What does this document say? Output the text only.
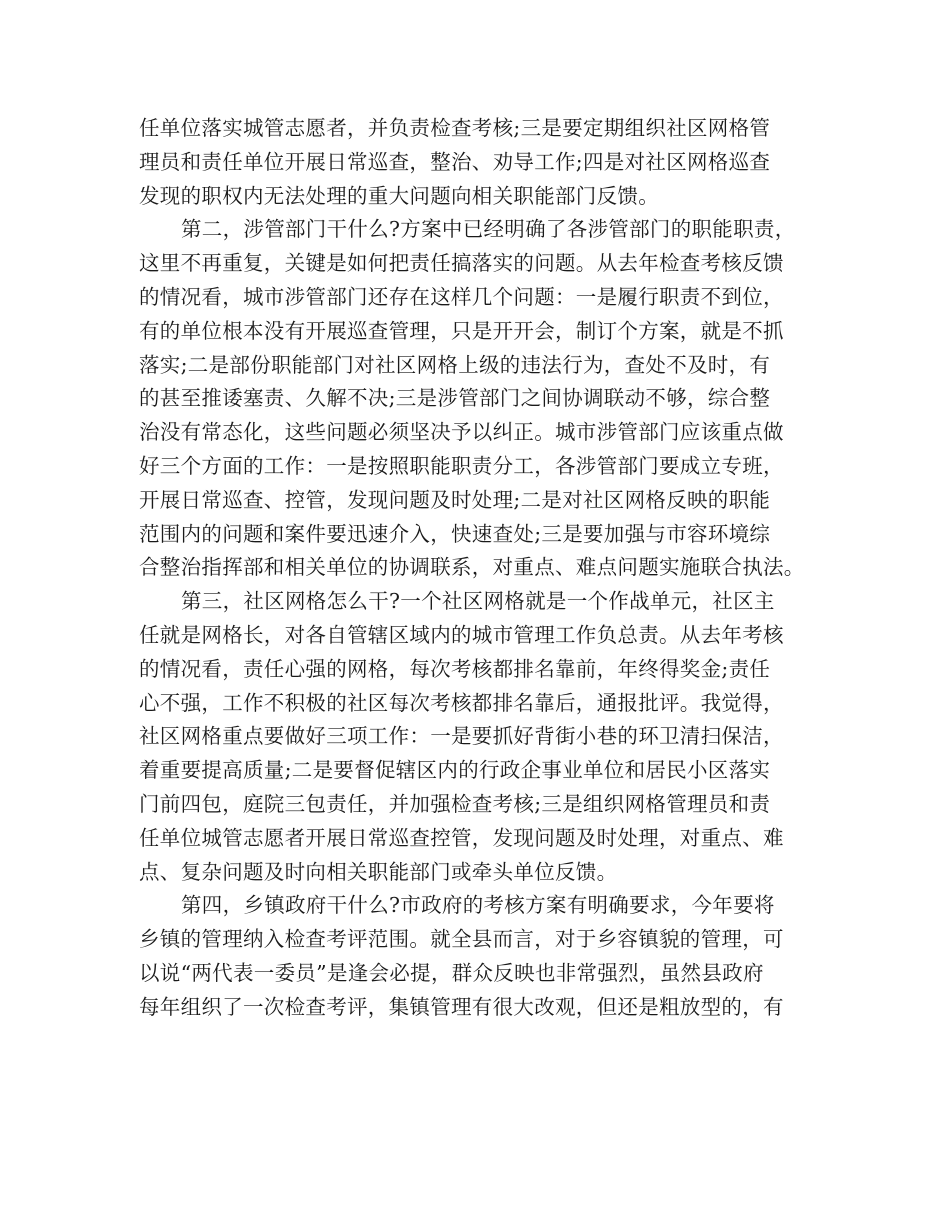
任单位落实城管志愿者，并负责检查考核;三是要定期组织社区网格管
理员和责任单位开展日常巡查，整治、劝导工作;四是对社区网格巡查
发现的职权内无法处理的重大问题向相关职能部门反馈。
第二，涉管部门干什么?方案中已经明确了各涉管部门的职能职责，
这里不再重复，关键是如何把责任搞落实的问题。从去年检查考核反馈
的情况看，城市涉管部门还存在这样几个问题：一是履行职责不到位，
有的单位根本没有开展巡查管理，只是开开会，制订个方案，就是不抓
落实;二是部份职能部门对社区网格上级的违法行为，查处不及时，有
的甚至推诿塞责、久解不决;三是涉管部门之间协调联动不够，综合整
治没有常态化，这些问题必须坚决予以纠正。城市涉管部门应该重点做
好三个方面的工作：一是按照职能职责分工，各涉管部门要成立专班，
开展日常巡查、控管，发现问题及时处理;二是对社区网格反映的职能
范围内的问题和案件要迅速介入，快速查处;三是要加强与市容环境综
合整治指挥部和相关单位的协调联系，对重点、难点问题实施联合执法。
第三，社区网格怎么干?一个社区网格就是一个作战单元，社区主
任就是网格长，对各自管辖区域内的城市管理工作负总责。从去年考核
的情况看，责任心强的网格，每次考核都排名靠前，年终得奖金;责任
心不强，工作不积极的社区每次考核都排名靠后，通报批评。我觉得，
社区网格重点要做好三项工作：一是要抓好背街小巷的环卫清扫保洁，
着重要提高质量;二是要督促辖区内的行政企事业单位和居民小区落实
门前四包，庭院三包责任，并加强检查考核;三是组织网格管理员和责
任单位城管志愿者开展日常巡查控管，发现问题及时处理，对重点、难
点、复杂问题及时向相关职能部门或牵头单位反馈。
第四，乡镇政府干什么?市政府的考核方案有明确要求，今年要将
乡镇的管理纳入检查考评范围。就全县而言，对于乡容镇貌的管理，可
以说“两代表一委员”是逢会必提，群众反映也非常强烈，虽然县政府
每年组织了一次检查考评，集镇管理有很大改观，但还是粗放型的，有
